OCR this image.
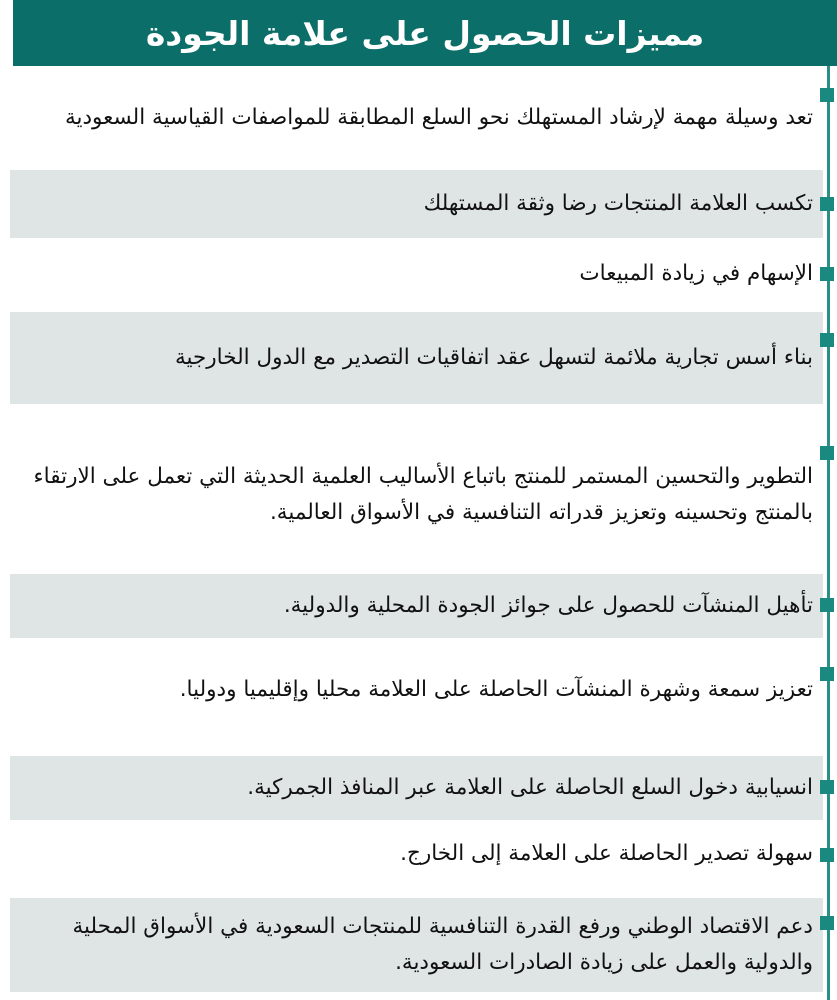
مميزات الحصول على علامة الجودة
تعد وسيلة مهمة لإرشاد المستهلك نحو السلع المطابقة للمواصفات القياسية السعودية
تكسب العلامة المنتجات رضا وثقة المستهلك
الإسهام في زيادة المبيعات
بناء أسس تجارية ملائمة لتسهل عقد اتفاقيات التصدير مع الدول الخارجية
التطوير والتحسين المستمر للمنتج باتباع الأساليب العلمية الحديثة التي تعمل على الارتقاء بالمنتج وتحسينه وتعزيز قدراته التنافسية في الأسواق العالمية.
تأهيل المنشآت للحصول على جوائز الجودة المحلية والدولية.
تعزيز سمعة وشهرة المنشآت الحاصلة على العلامة محليا وإقليميا ودوليا.
انسيابية دخول السلع الحاصلة على العلامة عبر المنافذ الجمركية.
سهولة تصدير الحاصلة على العلامة إلى الخارج.
دعم الاقتصاد الوطني ورفع القدرة التنافسية للمنتجات السعودية في الأسواق المحلية والدولية والعمل على زيادة الصادرات السعودية.
